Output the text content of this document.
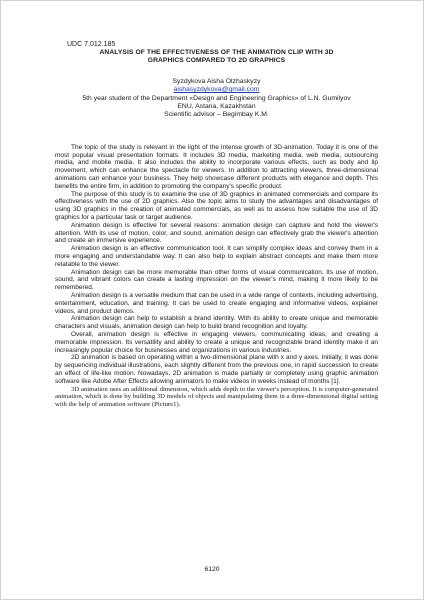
UDC 7.012.185

ANALYSIS OF THE EFFECTIVENESS OF THE ANIMATION CLIP WITH 3D
GRAPHICS COMPARED TO 2D GRAPHICS
Syzdykova Aisha Olzhaskyzy
aishasyzdykova@gmail.com
5th year student of the Department «Design and Engineering Graphics» of L.N. Gumilyov
ENU, Astana, Kazakhstan
Scientific advisor – Begimbay K.M.

The topic of the study is relevant in the light of the intense growth of 3D-animation. Today it is one of the most popular visual presentation formats. It includes 3D media, marketing media, web media, outsourcing media, and mobile media. It also includes the ability to incorporate various effects, such as body and lip movement, which can enhance the spectacle for viewers. In addition to attracting viewers, three-dimensional animations can enhance your business. They help showcase different products with elegance and depth. This benefits the entire firm, in addition to promoting the company's specific product.

The purpose of this study is to examine the use of 3D graphics in animated commercials and compare its effectiveness with the use of 2D graphics. Also the topic aims to study the advantages and disadvantages of using 3D graphics in the creation of animated commercials, as well as to assess how suitable the use of 3D graphics for a particular task or target audience.

Animation design is effective for several reasons: animation design can capture and hold the viewer's attention. With its use of motion, color, and sound, animation design can effectively grab the viewer's attention and create an immersive experience.

Animation design is an effective communication tool. It can simplify complex ideas and convey them in a more engaging and understandable way. It can also help to explain abstract concepts and make them more relatable to the viewer.

Animation design can be more memorable than other forms of visual communication. Its use of motion, sound, and vibrant colors can create a lasting impression on the viewer's mind, making it more likely to be remembered.

Animation design is a versatile medium that can be used in a wide range of contexts, including advertising, entertainment, education, and training. It can be used to create engaging and informative videos, explainer videos, and product demos.

Animation design can help to establish a brand identity. With its ability to create unique and memorable characters and visuals, animation design can help to build brand recognition and loyalty.

Overall, animation design is effective in engaging viewers, communicating ideas, and creating a memorable impression. Its versatility and ability to create a unique and recognizable brand identity make it an increasingly popular choice for businesses and organizations in various industries.

2D animation is based on operating within a two-dimensional plane with x and y axes. Initially, it was done by sequencing individual illustrations, each slightly different from the previous one, in rapid succession to create an effect of life-like motion. Nowadays, 2D animation is made partially or completely using graphic animation software like Adobe After Effects allowing animators to make videos in weeks instead of months [1].

3D animation uses an additional dimension, which adds depth to the viewer's perception. It is computer-generated animation, which is done by building 3D models of objects and manipulating them in a three-dimensional digital setting with the help of animation software (Picture1).

6120
